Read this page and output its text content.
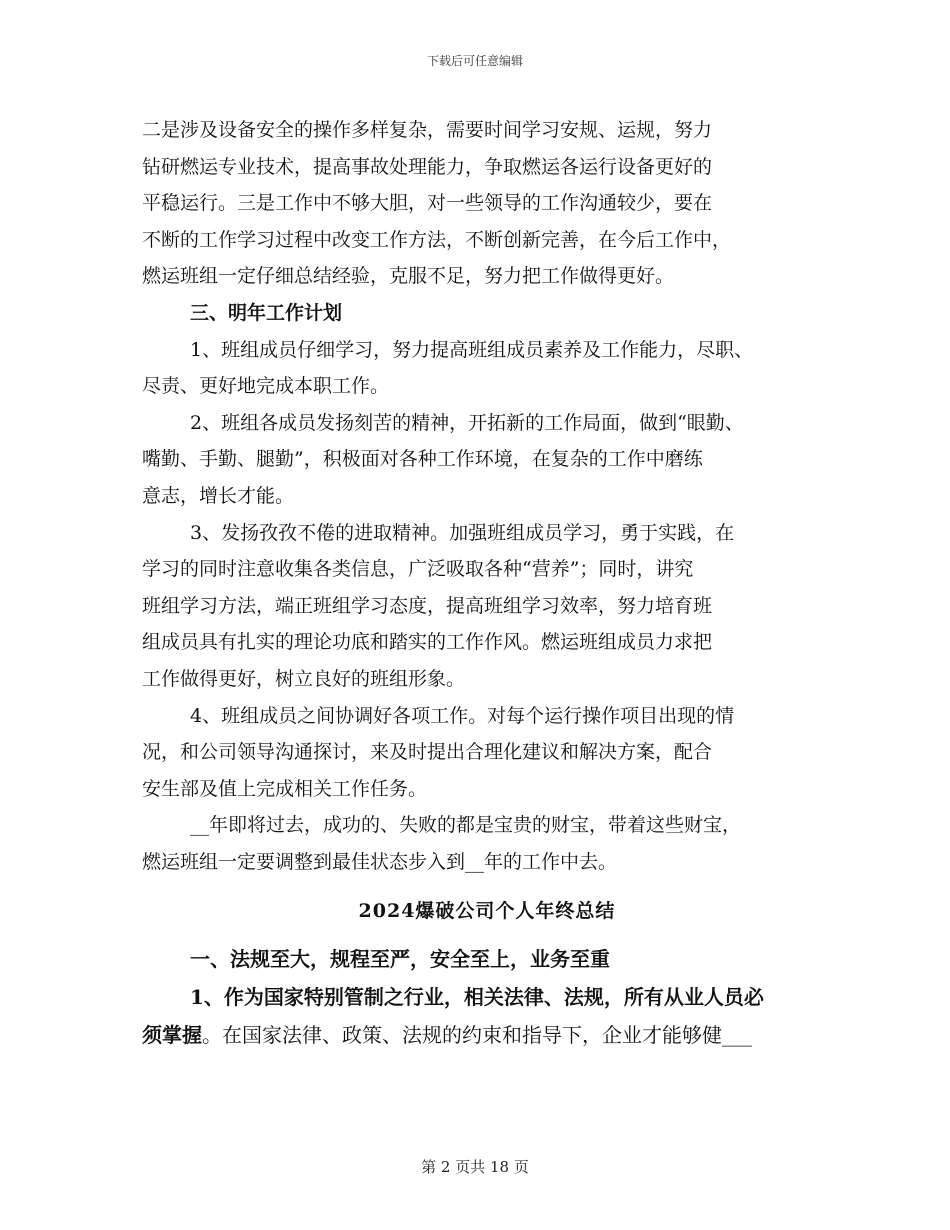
下载后可任意编辑
二是涉及设备安全的操作多样复杂，需要时间学习安规、运规，努力
钻研燃运专业技术，提高事故处理能力，争取燃运各运行设备更好的
平稳运行。三是工作中不够大胆，对一些领导的工作沟通较少，要在
不断的工作学习过程中改变工作方法，不断创新完善，在今后工作中，
燃运班组一定仔细总结经验，克服不足，努力把工作做得更好。
三、明年工作计划
1、班组成员仔细学习，努力提高班组成员素养及工作能力，尽职、
尽责、更好地完成本职工作。
2、班组各成员发扬刻苦的精神，开拓新的工作局面，做到“眼勤、
嘴勤、手勤、腿勤”，积极面对各种工作环境，在复杂的工作中磨练
意志，增长才能。
3、发扬孜孜不倦的进取精神。加强班组成员学习，勇于实践，在
学习的同时注意收集各类信息，广泛吸取各种“营养”；同时，讲究
班组学习方法，端正班组学习态度，提高班组学习效率，努力培育班
组成员具有扎实的理论功底和踏实的工作作风。燃运班组成员力求把
工作做得更好，树立良好的班组形象。
4、班组成员之间协调好各项工作。对每个运行操作项目出现的情
况，和公司领导沟通探讨，来及时提出合理化建议和解决方案，配合
安生部及值上完成相关工作任务。
__年即将过去，成功的、失败的都是宝贵的财宝，带着这些财宝，
燃运班组一定要调整到最佳状态步入到__年的工作中去。
2024爆破公司个人年终总结
一、法规至大，规程至严，安全至上，业务至重
1、作为国家特别管制之行业，相关法律、法规，所有从业人员必
须掌握。在国家法律、政策、法规的约束和指导下，企业才能够健___
第 2 页共 18 页
